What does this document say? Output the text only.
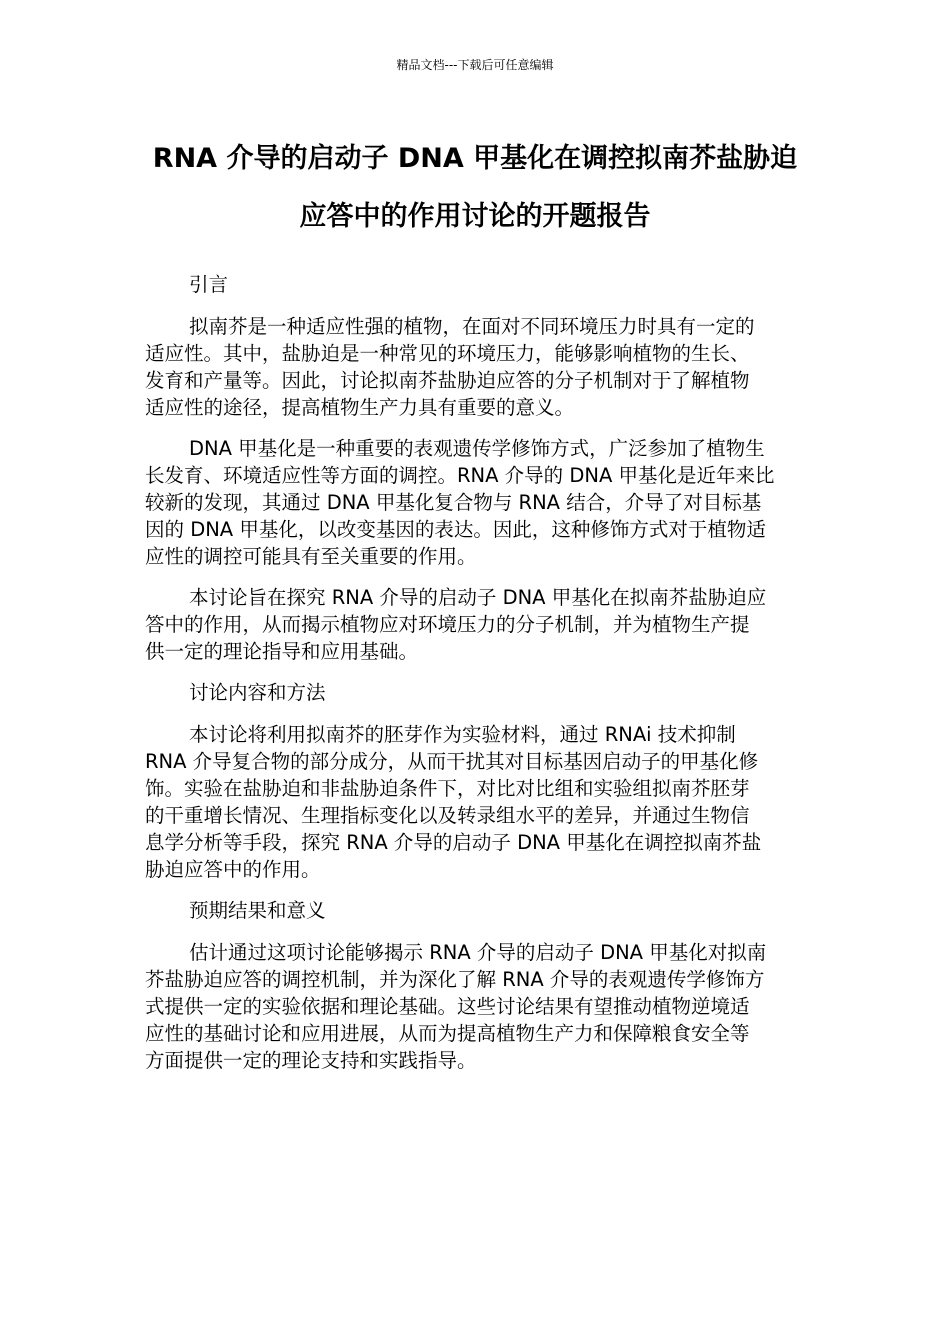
精品文档---下载后可任意编辑
RNA 介导的启动子 DNA 甲基化在调控拟南芥盐胁迫
应答中的作用讨论的开题报告

引言

拟南芥是一种适应性强的植物，在面对不同环境压力时具有一定的
适应性。其中，盐胁迫是一种常见的环境压力，能够影响植物的生长、
发育和产量等。因此，讨论拟南芥盐胁迫应答的分子机制对于了解植物
适应性的途径，提高植物生产力具有重要的意义。

DNA 甲基化是一种重要的表观遗传学修饰方式，广泛参加了植物生
长发育、环境适应性等方面的调控。RNA 介导的 DNA 甲基化是近年来比
较新的发现，其通过 DNA 甲基化复合物与 RNA 结合，介导了对目标基
因的 DNA 甲基化，以改变基因的表达。因此，这种修饰方式对于植物适
应性的调控可能具有至关重要的作用。

本讨论旨在探究 RNA 介导的启动子 DNA 甲基化在拟南芥盐胁迫应
答中的作用，从而揭示植物应对环境压力的分子机制，并为植物生产提
供一定的理论指导和应用基础。

讨论内容和方法

本讨论将利用拟南芥的胚芽作为实验材料，通过 RNAi 技术抑制
RNA 介导复合物的部分成分，从而干扰其对目标基因启动子的甲基化修
饰。实验在盐胁迫和非盐胁迫条件下，对比对比组和实验组拟南芥胚芽
的干重增长情况、生理指标变化以及转录组水平的差异，并通过生物信
息学分析等手段，探究 RNA 介导的启动子 DNA 甲基化在调控拟南芥盐
胁迫应答中的作用。

预期结果和意义

估计通过这项讨论能够揭示 RNA 介导的启动子 DNA 甲基化对拟南
芥盐胁迫应答的调控机制，并为深化了解 RNA 介导的表观遗传学修饰方
式提供一定的实验依据和理论基础。这些讨论结果有望推动植物逆境适
应性的基础讨论和应用进展，从而为提高植物生产力和保障粮食安全等
方面提供一定的理论支持和实践指导。
